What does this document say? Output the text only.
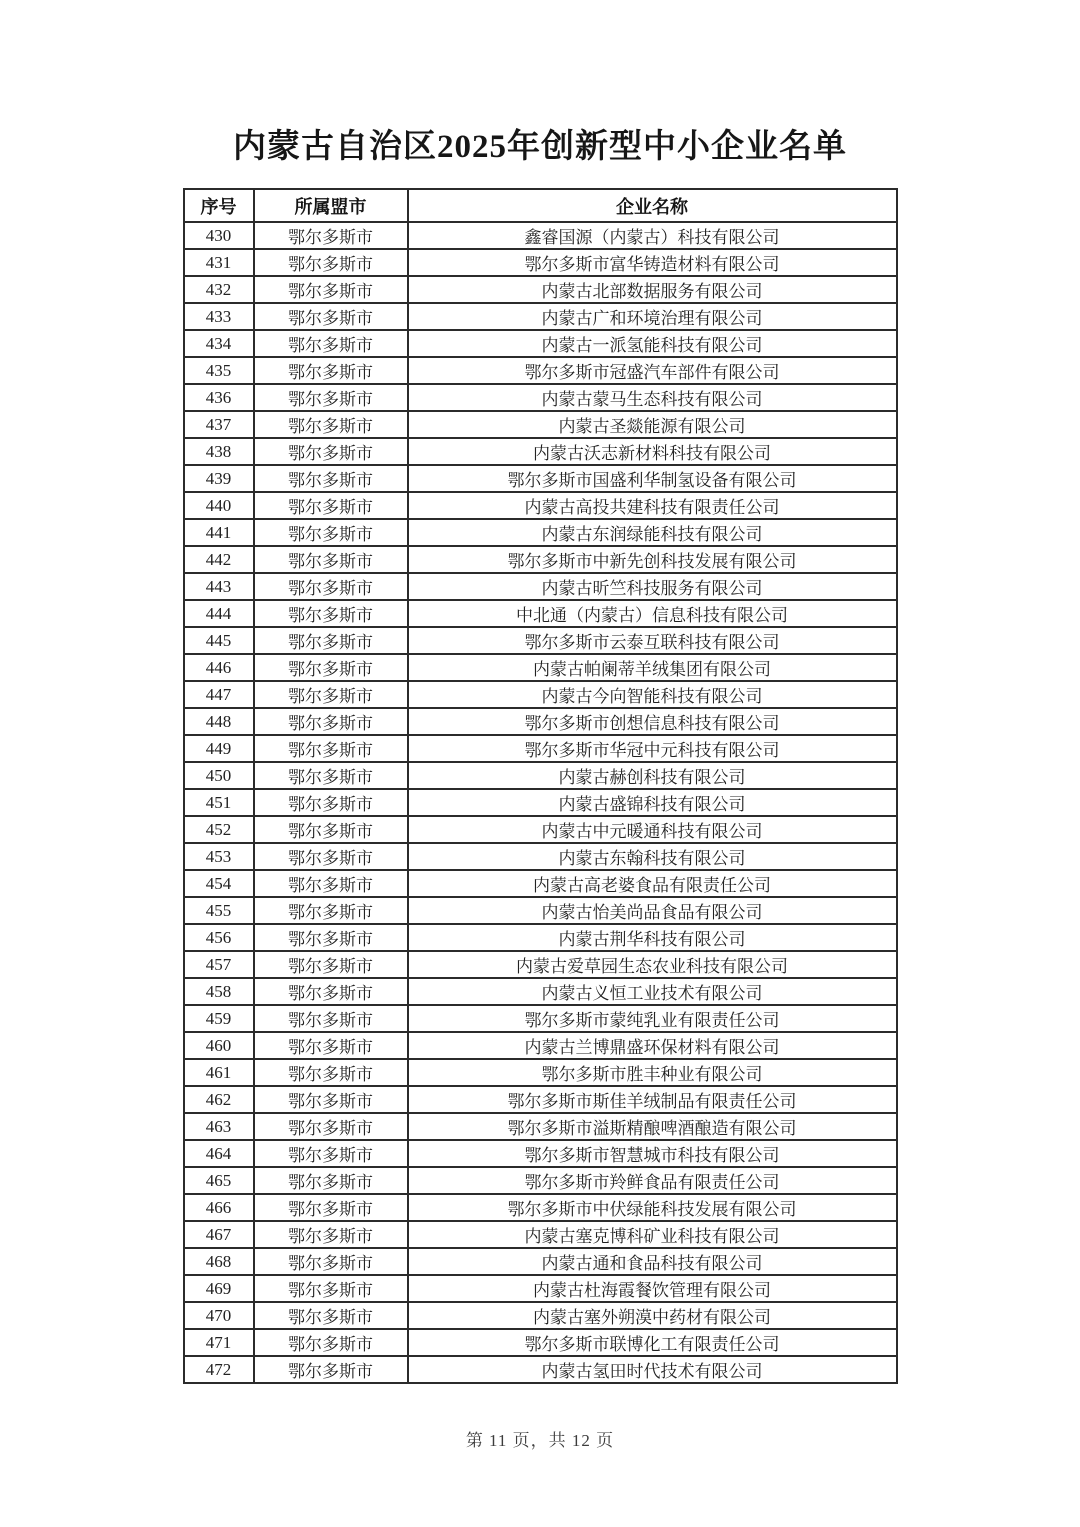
内蒙古自治区2025年创新型中小企业名单
序号	所属盟市	企业名称
430	鄂尔多斯市	鑫睿国源（内蒙古）科技有限公司
431	鄂尔多斯市	鄂尔多斯市富华铸造材料有限公司
432	鄂尔多斯市	内蒙古北部数据服务有限公司
433	鄂尔多斯市	内蒙古广和环境治理有限公司
434	鄂尔多斯市	内蒙古一派氢能科技有限公司
435	鄂尔多斯市	鄂尔多斯市冠盛汽车部件有限公司
436	鄂尔多斯市	内蒙古蒙马生态科技有限公司
437	鄂尔多斯市	内蒙古圣燚能源有限公司
438	鄂尔多斯市	内蒙古沃志新材料科技有限公司
439	鄂尔多斯市	鄂尔多斯市国盛利华制氢设备有限公司
440	鄂尔多斯市	内蒙古高投共建科技有限责任公司
441	鄂尔多斯市	内蒙古东润绿能科技有限公司
442	鄂尔多斯市	鄂尔多斯市中新先创科技发展有限公司
443	鄂尔多斯市	内蒙古昕竺科技服务有限公司
444	鄂尔多斯市	中北通（内蒙古）信息科技有限公司
445	鄂尔多斯市	鄂尔多斯市云泰互联科技有限公司
446	鄂尔多斯市	内蒙古帕阑蒂羊绒集团有限公司
447	鄂尔多斯市	内蒙古今向智能科技有限公司
448	鄂尔多斯市	鄂尔多斯市创想信息科技有限公司
449	鄂尔多斯市	鄂尔多斯市华冠中元科技有限公司
450	鄂尔多斯市	内蒙古赫创科技有限公司
451	鄂尔多斯市	内蒙古盛锦科技有限公司
452	鄂尔多斯市	内蒙古中元暖通科技有限公司
453	鄂尔多斯市	内蒙古东翰科技有限公司
454	鄂尔多斯市	内蒙古高老婆食品有限责任公司
455	鄂尔多斯市	内蒙古怡美尚品食品有限公司
456	鄂尔多斯市	内蒙古荆华科技有限公司
457	鄂尔多斯市	内蒙古爱草园生态农业科技有限公司
458	鄂尔多斯市	内蒙古义恒工业技术有限公司
459	鄂尔多斯市	鄂尔多斯市蒙纯乳业有限责任公司
460	鄂尔多斯市	内蒙古兰博鼎盛环保材料有限公司
461	鄂尔多斯市	鄂尔多斯市胜丰种业有限公司
462	鄂尔多斯市	鄂尔多斯市斯佳羊绒制品有限责任公司
463	鄂尔多斯市	鄂尔多斯市溢斯精酿啤酒酿造有限公司
464	鄂尔多斯市	鄂尔多斯市智慧城市科技有限公司
465	鄂尔多斯市	鄂尔多斯市羚鲜食品有限责任公司
466	鄂尔多斯市	鄂尔多斯市中伏绿能科技发展有限公司
467	鄂尔多斯市	内蒙古塞克博科矿业科技有限公司
468	鄂尔多斯市	内蒙古通和食品科技有限公司
469	鄂尔多斯市	内蒙古杜海霞餐饮管理有限公司
470	鄂尔多斯市	内蒙古塞外朔漠中药材有限公司
471	鄂尔多斯市	鄂尔多斯市联博化工有限责任公司
472	鄂尔多斯市	内蒙古氢田时代技术有限公司
第 11 页，共 12 页
